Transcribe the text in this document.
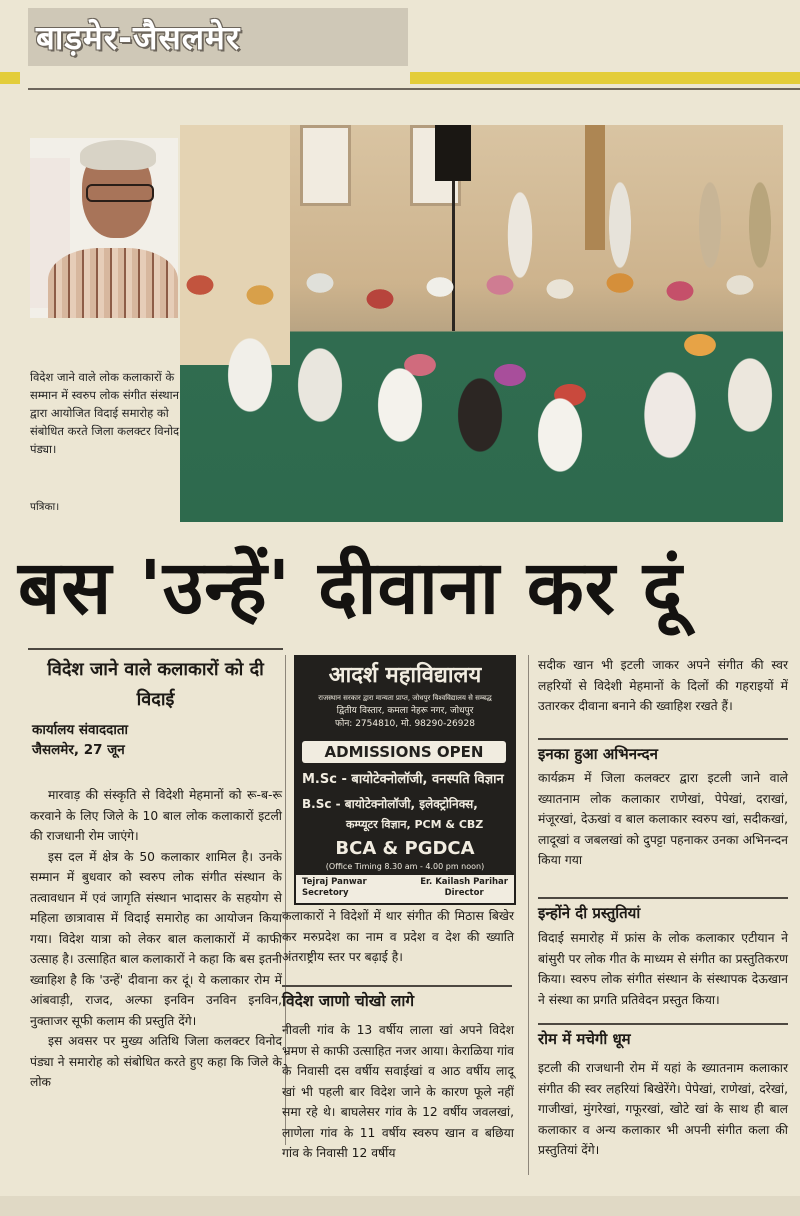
बाड़मेर-जैसलमेर
विदेश जाने वाले लोक कलाकारों के सम्मान में स्वरुप लोक संगीत संस्थान द्वारा आयोजित विदाई समारोह को संबोधित करते जिला कलक्टर विनोद पंड्या।
पत्रिका।
बस 'उन्हें' दीवाना कर दूं
विदेश जाने वाले कलाकारों को दी विदाई
कार्यालय संवाददाता
जैसलमेर, 27 जून

मारवाड़ की संस्कृति से विदेशी मेहमानों को रू-ब-रू करवाने के लिए जिले के 10 बाल लोक कलाकारों इटली की राजधानी रोम जाएंगे।

इस दल में क्षेत्र के 50 कलाकार शामिल है। उनके सम्मान में बुधवार को स्वरुप लोक संगीत संस्थान के तत्वावधान में एवं जागृति संस्थान भादासर के सहयोग से महिला छात्रावास में विदाई समारोह का आयोजन किया गया। विदेश यात्रा को लेकर बाल कलाकारों में काफी उत्साह है। उत्साहित बाल कलाकारों ने कहा कि बस इतनी ख्वाहिश है कि 'उन्हें' दीवाना कर दूं। ये कलाकार रोम में आंबवाड़ी, राजद, अल्फा इनविन उनविन इनविन, नुक्ताजर सूफी कलाम की प्रस्तुति देंगे।

इस अवसर पर मुख्य अतिथि जिला कलक्टर विनोद पंड्या ने समारोह को संबोधित करते हुए कहा कि जिले के लोक

आदर्श महाविद्यालय
राजस्थान सरकार द्वारा मान्यता प्राप्त, जोधपुर विश्वविद्यालय से सम्बद्ध
द्वितीय विस्तार, कमला नेहरू नगर, जोधपुर
फोन: 2754810, मो. 98290-26928
ADMISSIONS OPEN
M.Sc - बायोटेक्नोलॉजी, वनस्पति विज्ञान
B.Sc - बायोटेक्नोलॉजी, इलेक्ट्रोनिक्स,
कम्प्यूटर विज्ञान, PCM & CBZ
BCA & PGDCA
(Office Timing 8.30 am - 4.00 pm noon)
Tejraj Panwar
Secretory
Er. Kailash Parihar
Director

कलाकारों ने विदेशों में थार संगीत की मिठास बिखेर कर मरुप्रदेश का नाम व प्रदेश व देश की ख्याति अंतराष्ट्रीय स्तर पर बढ़ाई है।

विदेश जाणो चोखो लागे

नीवली गांव के 13 वर्षीय लाला खां अपने विदेश भ्रमण से काफी उत्साहित नजर आया। केराळिया गांव के निवासी दस वर्षीय सवाईखां व आठ वर्षीय लादू खां भी पहली बार विदेश जाने के कारण फूले नहीं समा रहे थे। बाघलेसर गांव के 12 वर्षीय जवलखां, लाणेला गांव के 11 वर्षीय स्वरुप खान व बछिया गांव के निवासी 12 वर्षीय

सदीक खान भी इटली जाकर अपने संगीत की स्वर लहरियों से विदेशी मेहमानों के दिलों की गहराइयों में उतारकर दीवाना बनाने की ख्वाहिश रखते हैं।

इनका हुआ अभिनन्दन

कार्यक्रम में जिला कलक्टर द्वारा इटली जाने वाले ख्यातनाम लोक कलाकार राणेखां, पेपेखां, दराखां, मंजूरखां, देऊखां व बाल कलाकार स्वरुप खां, सदीकखां, लादूखां व जबलखां को दुपट्टा पहनाकर उनका अभिनन्दन किया गया

इन्होंने दी प्रस्तुतियां

विदाई समारोह में फ्रांस के लोक कलाकार एटीयान ने बांसुरी पर लोक गीत के माध्यम से संगीत का प्रस्तुतिकरण किया। स्वरुप लोक संगीत संस्थान के संस्थापक देऊखान ने संस्था का प्रगति प्रतिवेदन प्रस्तुत किया।

रोम में मचेगी धूम

इटली की राजधानी रोम में यहां के ख्यातनाम कलाकार संगीत की स्वर लहरियां बिखेरेंगे। पेपेखां, राणेखां, दरेखां, गाजीखां, मुंगरेखां, गफूरखां, खोटे खां के साथ ही बाल कलाकार व अन्य कलाकार भी अपनी संगीत कला की प्रस्तुतियां देंगे।
